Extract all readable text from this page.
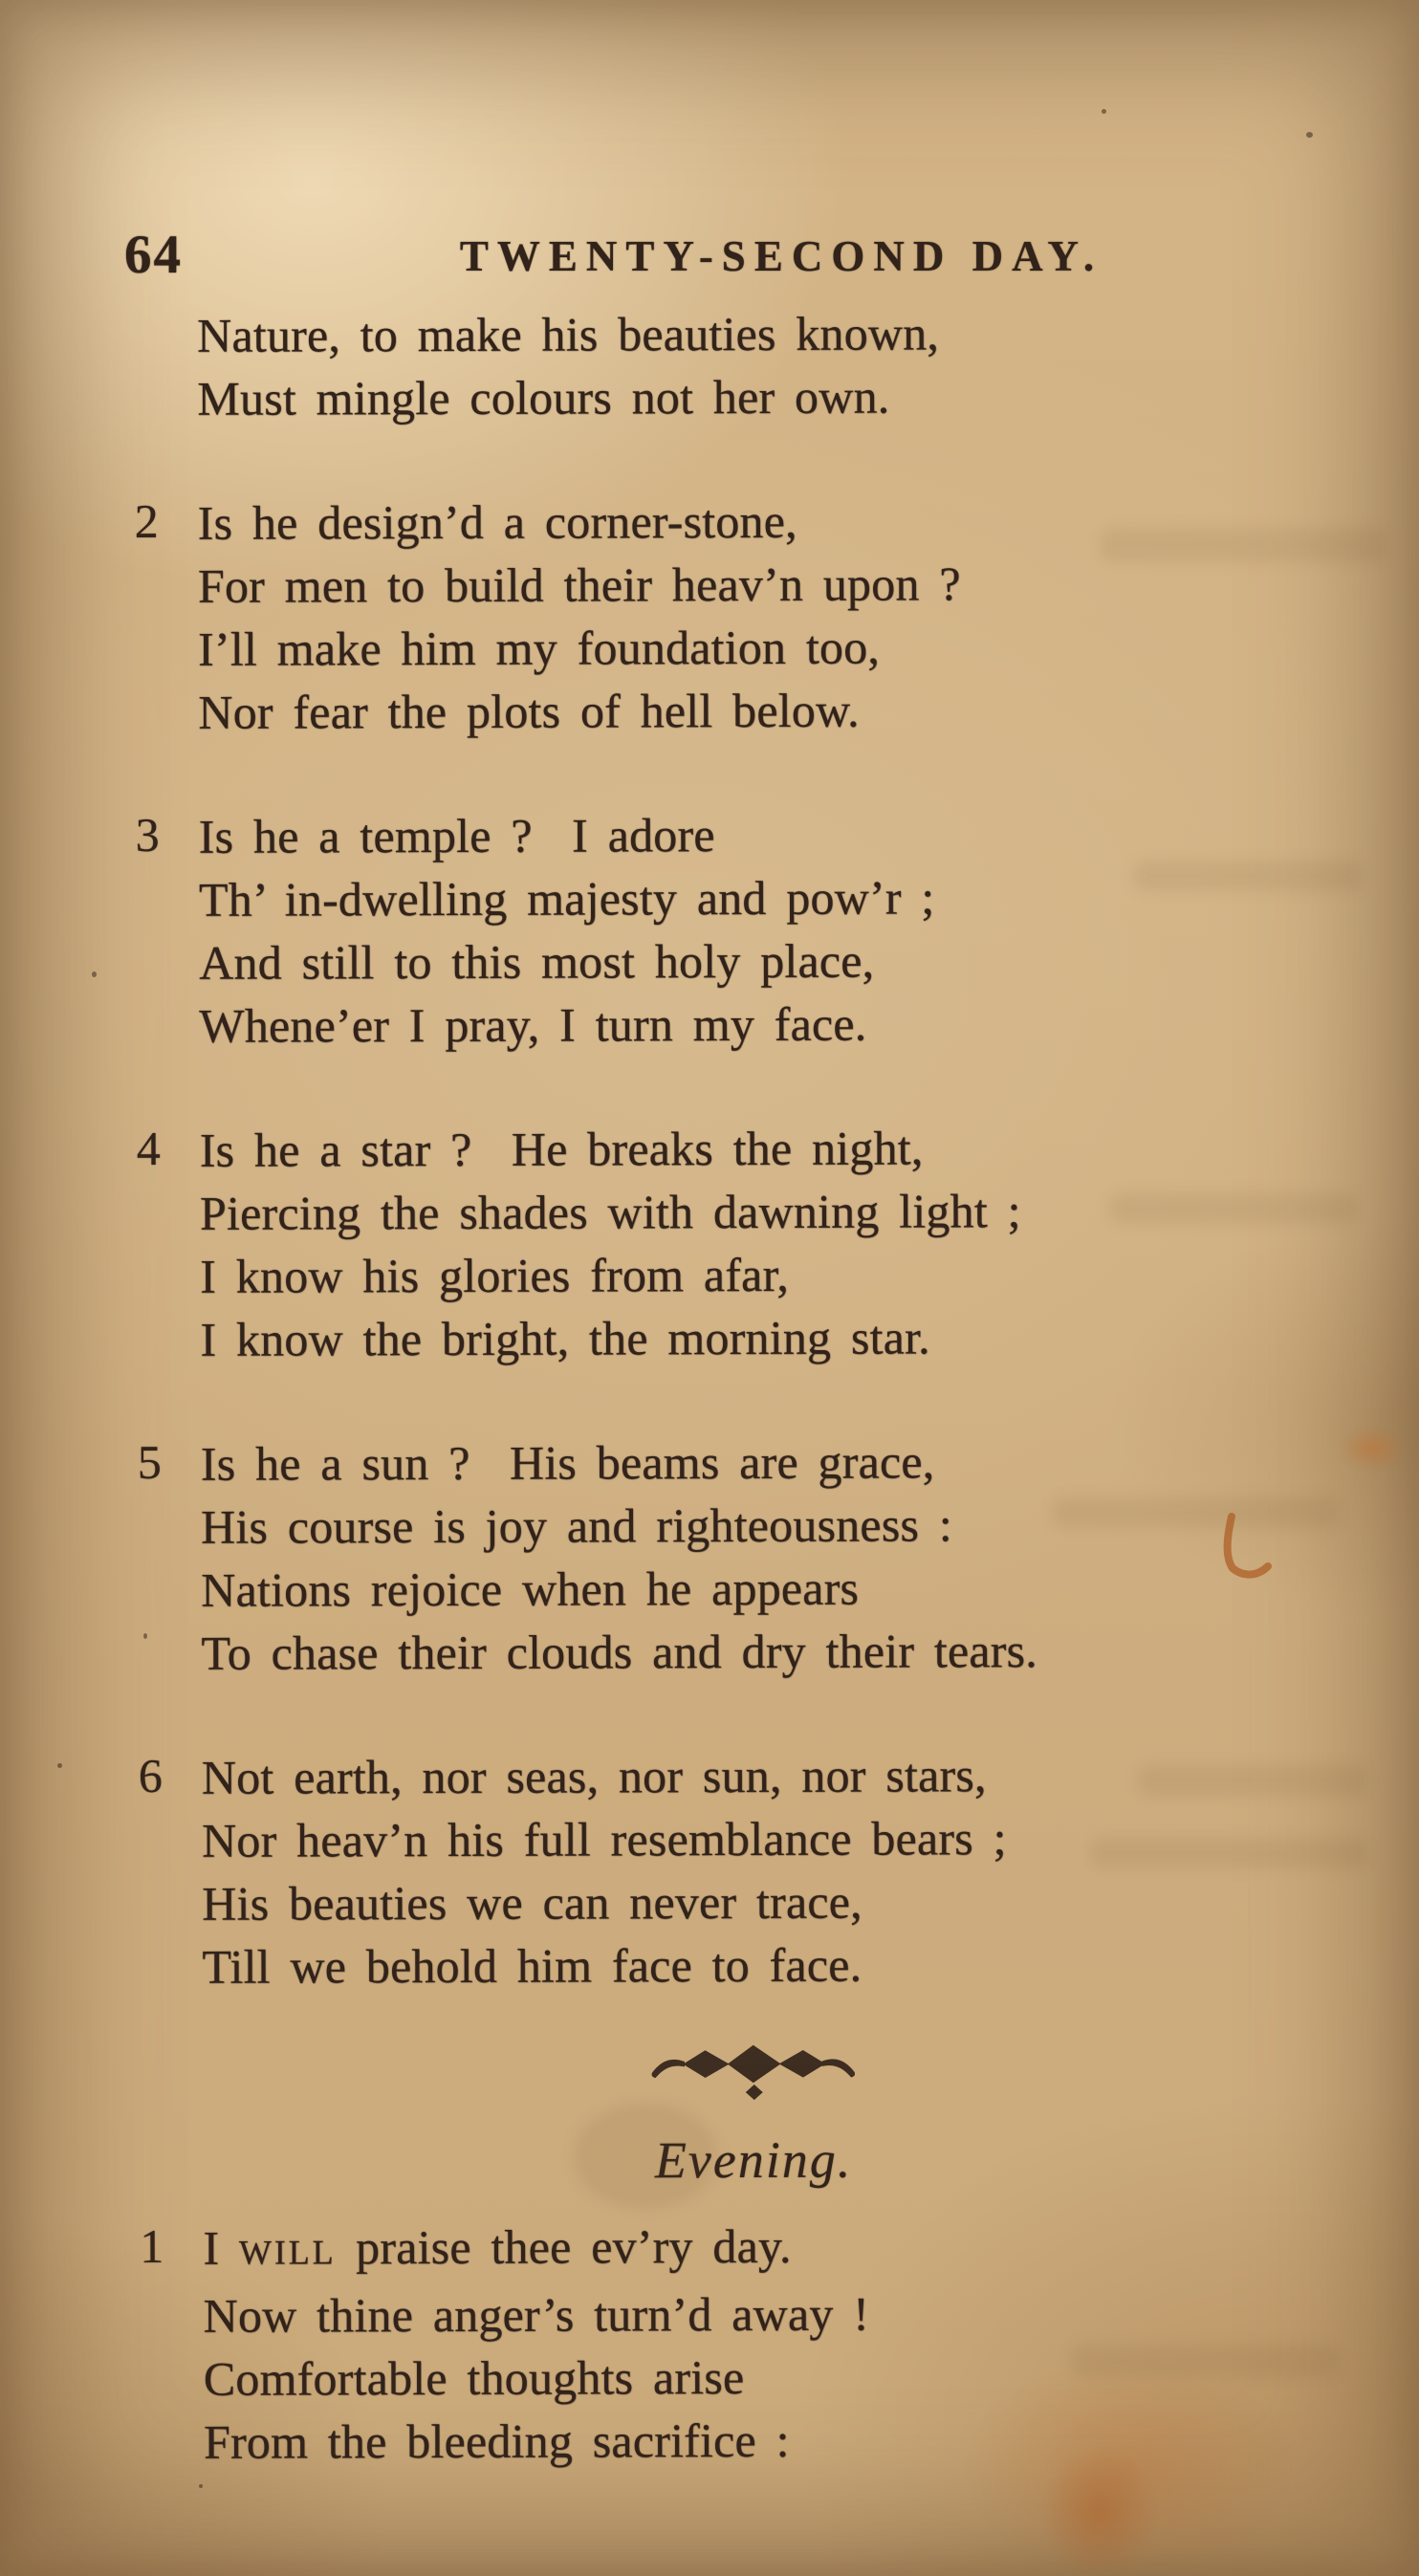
64	TWENTY-SECOND DAY.

Nature, to make his beauties known,

Must mingle colours not her own.

2 Is he design’d a corner-stone,

For men to build their heav’n upon ?

I’ll make him my foundation too,

Nor fear the plots of hell below.

3 Is he a temple ?  I adore

Th’ in-dwelling majesty and pow’r ;

And still to this most holy place,

Whene’er I pray, I turn my face.

4 Is he a star ?  He breaks the night,

Piercing the shades with dawning light ;

I know his glories from afar,

I know the bright, the morning star.

5 Is he a sun ?  His beams are grace,

His course is joy and righteousness :

Nations rejoice when he appears

To chase their clouds and dry their tears.

6 Not earth, nor seas, nor sun, nor stars,

Nor heav’n his full resemblance bears ;

His beauties we can never trace,

Till we behold him face to face.

Evening.
1 I WILL praise thee ev’ry day.

Now thine anger’s turn’d away !

Comfortable thoughts arise

From the bleeding sacrifice :
